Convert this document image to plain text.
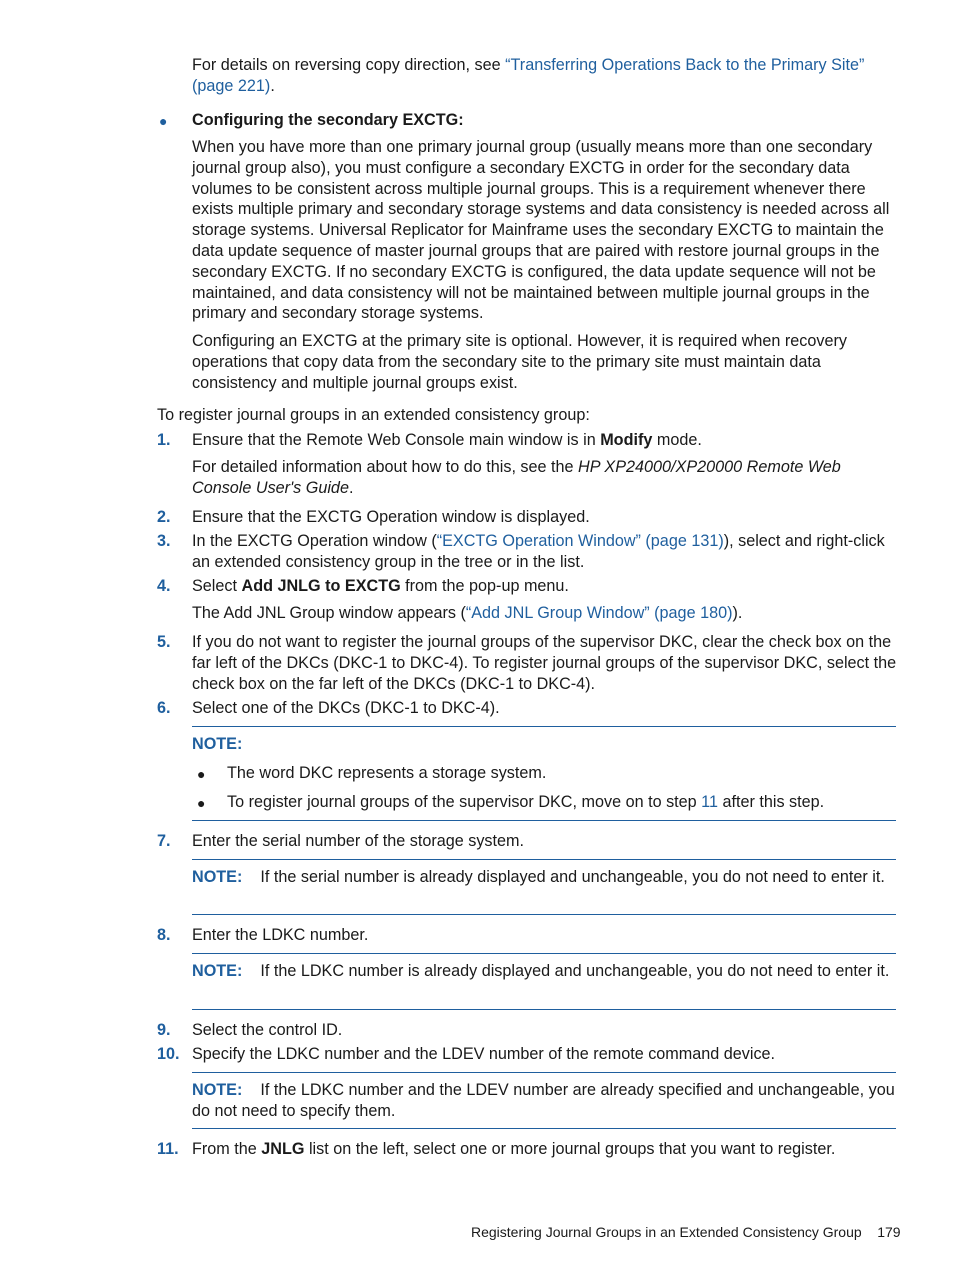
For details on reversing copy direction, see “Transferring Operations Back to the Primary Site” (page 221).
● Configuring the secondary EXCTG:
When you have more than one primary journal group (usually means more than one secondary journal group also), you must configure a secondary EXCTG in order for the secondary data volumes to be consistent across multiple journal groups. This is a requirement whenever there exists multiple primary and secondary storage systems and data consistency is needed across all storage systems. Universal Replicator for Mainframe uses the secondary EXCTG to maintain the data update sequence of master journal groups that are paired with restore journal groups in the secondary EXCTG. If no secondary EXCTG is configured, the data update sequence will not be maintained, and data consistency will not be maintained between multiple journal groups in the primary and secondary storage systems.
Configuring an EXCTG at the primary site is optional. However, it is required when recovery operations that copy data from the secondary site to the primary site must maintain data consistency and multiple journal groups exist.
To register journal groups in an extended consistency group:
1. Ensure that the Remote Web Console main window is in Modify mode.
For detailed information about how to do this, see the HP XP24000/XP20000 Remote Web Console User's Guide.
2. Ensure that the EXCTG Operation window is displayed.
3. In the EXCTG Operation window (“EXCTG Operation Window” (page 131)), select and right-click an extended consistency group in the tree or in the list.
4. Select Add JNLG to EXCTG from the pop-up menu.
The Add JNL Group window appears (“Add JNL Group Window” (page 180)).
5. If you do not want to register the journal groups of the supervisor DKC, clear the check box on the far left of the DKCs (DKC-1 to DKC-4). To register journal groups of the supervisor DKC, select the check box on the far left of the DKCs (DKC-1 to DKC-4).
6. Select one of the DKCs (DKC-1 to DKC-4).
NOTE:
● The word DKC represents a storage system.
● To register journal groups of the supervisor DKC, move on to step 11 after this step.
7. Enter the serial number of the storage system.
NOTE: If the serial number is already displayed and unchangeable, you do not need to enter it.
8. Enter the LDKC number.
NOTE: If the LDKC number is already displayed and unchangeable, you do not need to enter it.
9. Select the control ID.
10. Specify the LDKC number and the LDEV number of the remote command device.
NOTE: If the LDKC number and the LDEV number are already specified and unchangeable, you do not need to specify them.
11. From the JNLG list on the left, select one or more journal groups that you want to register.
Registering Journal Groups in an Extended Consistency Group 179
